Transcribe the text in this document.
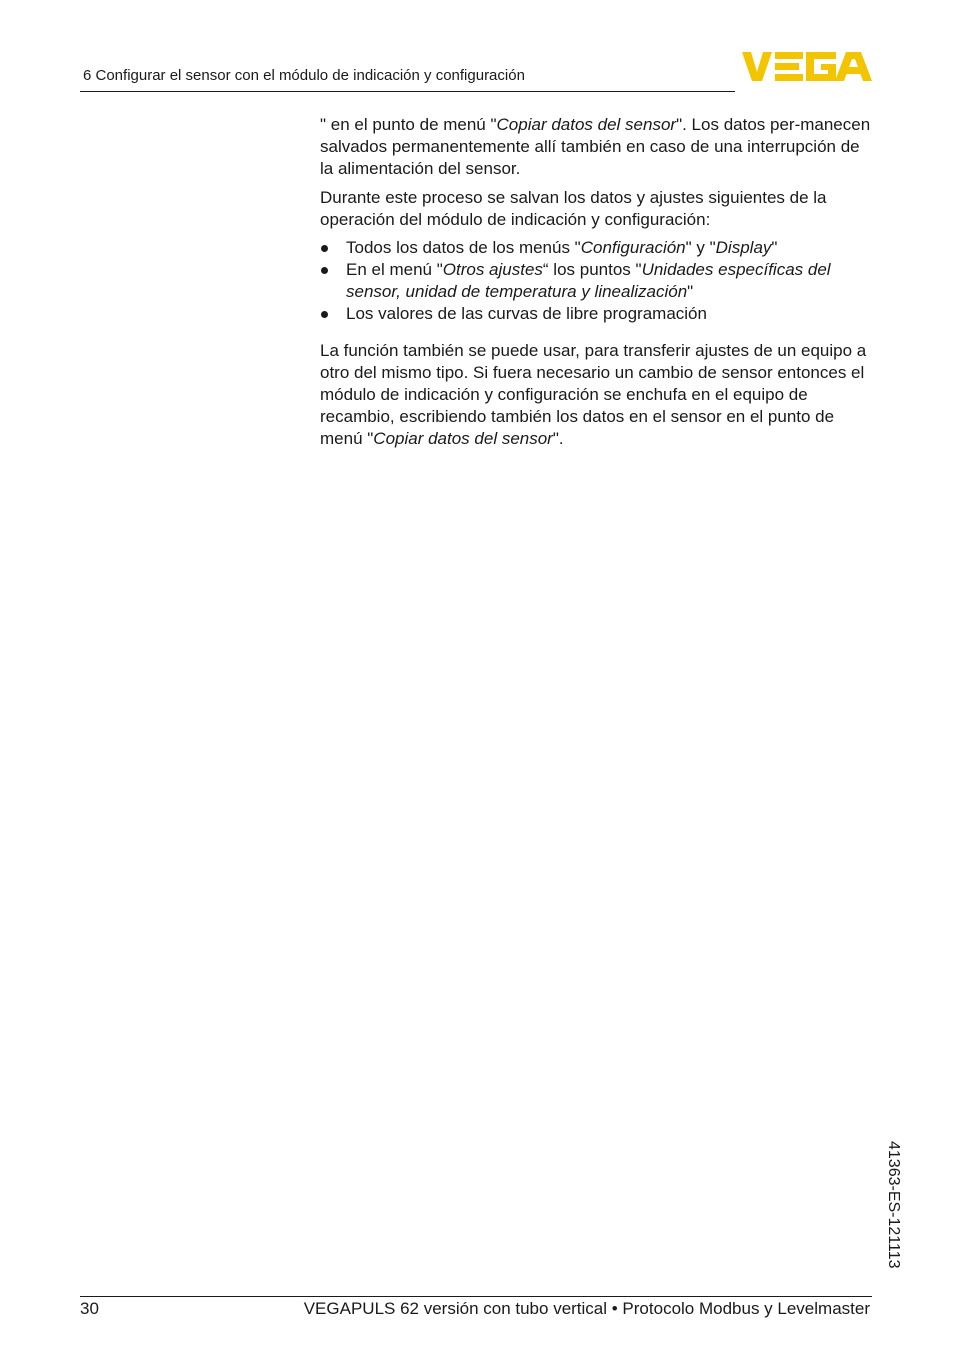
6 Configurar el sensor con el módulo de indicación y configuración

" en el punto de menú "Copiar datos del sensor". Los datos per-manecen salvados permanentemente allí también en caso de una interrupción de la alimentación del sensor.

Durante este proceso se salvan los datos y ajustes siguientes de la operación del módulo de indicación y configuración:

Todos los datos de los menús "Configuración" y "Display"
En el menú "Otros ajustes“ los puntos "Unidades específicas del sensor, unidad de temperatura y linealización"
Los valores de las curvas de libre programación

La función también se puede usar, para transferir ajustes de un equipo a otro del mismo tipo. Si fuera necesario un cambio de sensor entonces el módulo de indicación y configuración se enchufa en el equipo de recambio, escribiendo también los datos en el sensor en el punto de menú "Copiar datos del sensor".

41363-ES-121113
30	VEGAPULS 62 versión con tubo vertical • Protocolo Modbus y Levelmaster
